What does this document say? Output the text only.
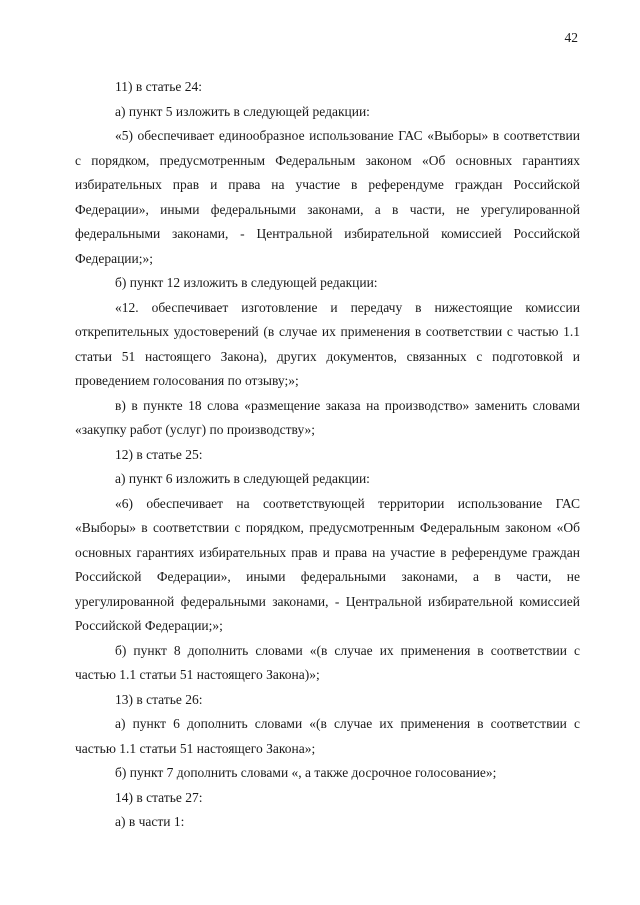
42

11) в статье 24:

а) пункт 5 изложить в следующей редакции:

«5) обеспечивает единообразное использование ГАС «Выборы» в соответствии с порядком, предусмотренным Федеральным законом «Об основных гарантиях избирательных прав и права на участие в референдуме граждан Российской Федерации», иными федеральными законами, а в части, не урегулированной федеральными законами, - Центральной избирательной комиссией Российской Федерации;»;

б) пункт 12 изложить в следующей редакции:

«12. обеспечивает изготовление и передачу в нижестоящие комиссии открепительных удостоверений (в случае их применения в соответствии с частью 1.1 статьи 51 настоящего Закона), других документов, связанных с подготовкой и проведением голосования по отзыву;»;

в) в пункте 18 слова «размещение заказа на производство» заменить словами «закупку работ (услуг) по производству»;

12) в статье 25:

а) пункт 6 изложить в следующей редакции:

«6) обеспечивает на соответствующей территории использование ГАС «Выборы» в соответствии с порядком, предусмотренным Федеральным законом «Об основных гарантиях избирательных прав и права на участие в референдуме граждан Российской Федерации», иными федеральными законами, а в части, не урегулированной федеральными законами, - Центральной избирательной комиссией Российской Федерации;»;

б) пункт 8 дополнить словами «(в случае их применения в соответствии с частью 1.1 статьи 51 настоящего Закона)»;

13) в статье 26:

а) пункт 6 дополнить словами «(в случае их применения в соответствии с частью 1.1 статьи 51 настоящего Закона»;

б) пункт 7 дополнить словами «, а также досрочное голосование»;

14) в статье 27:

а) в части 1:
